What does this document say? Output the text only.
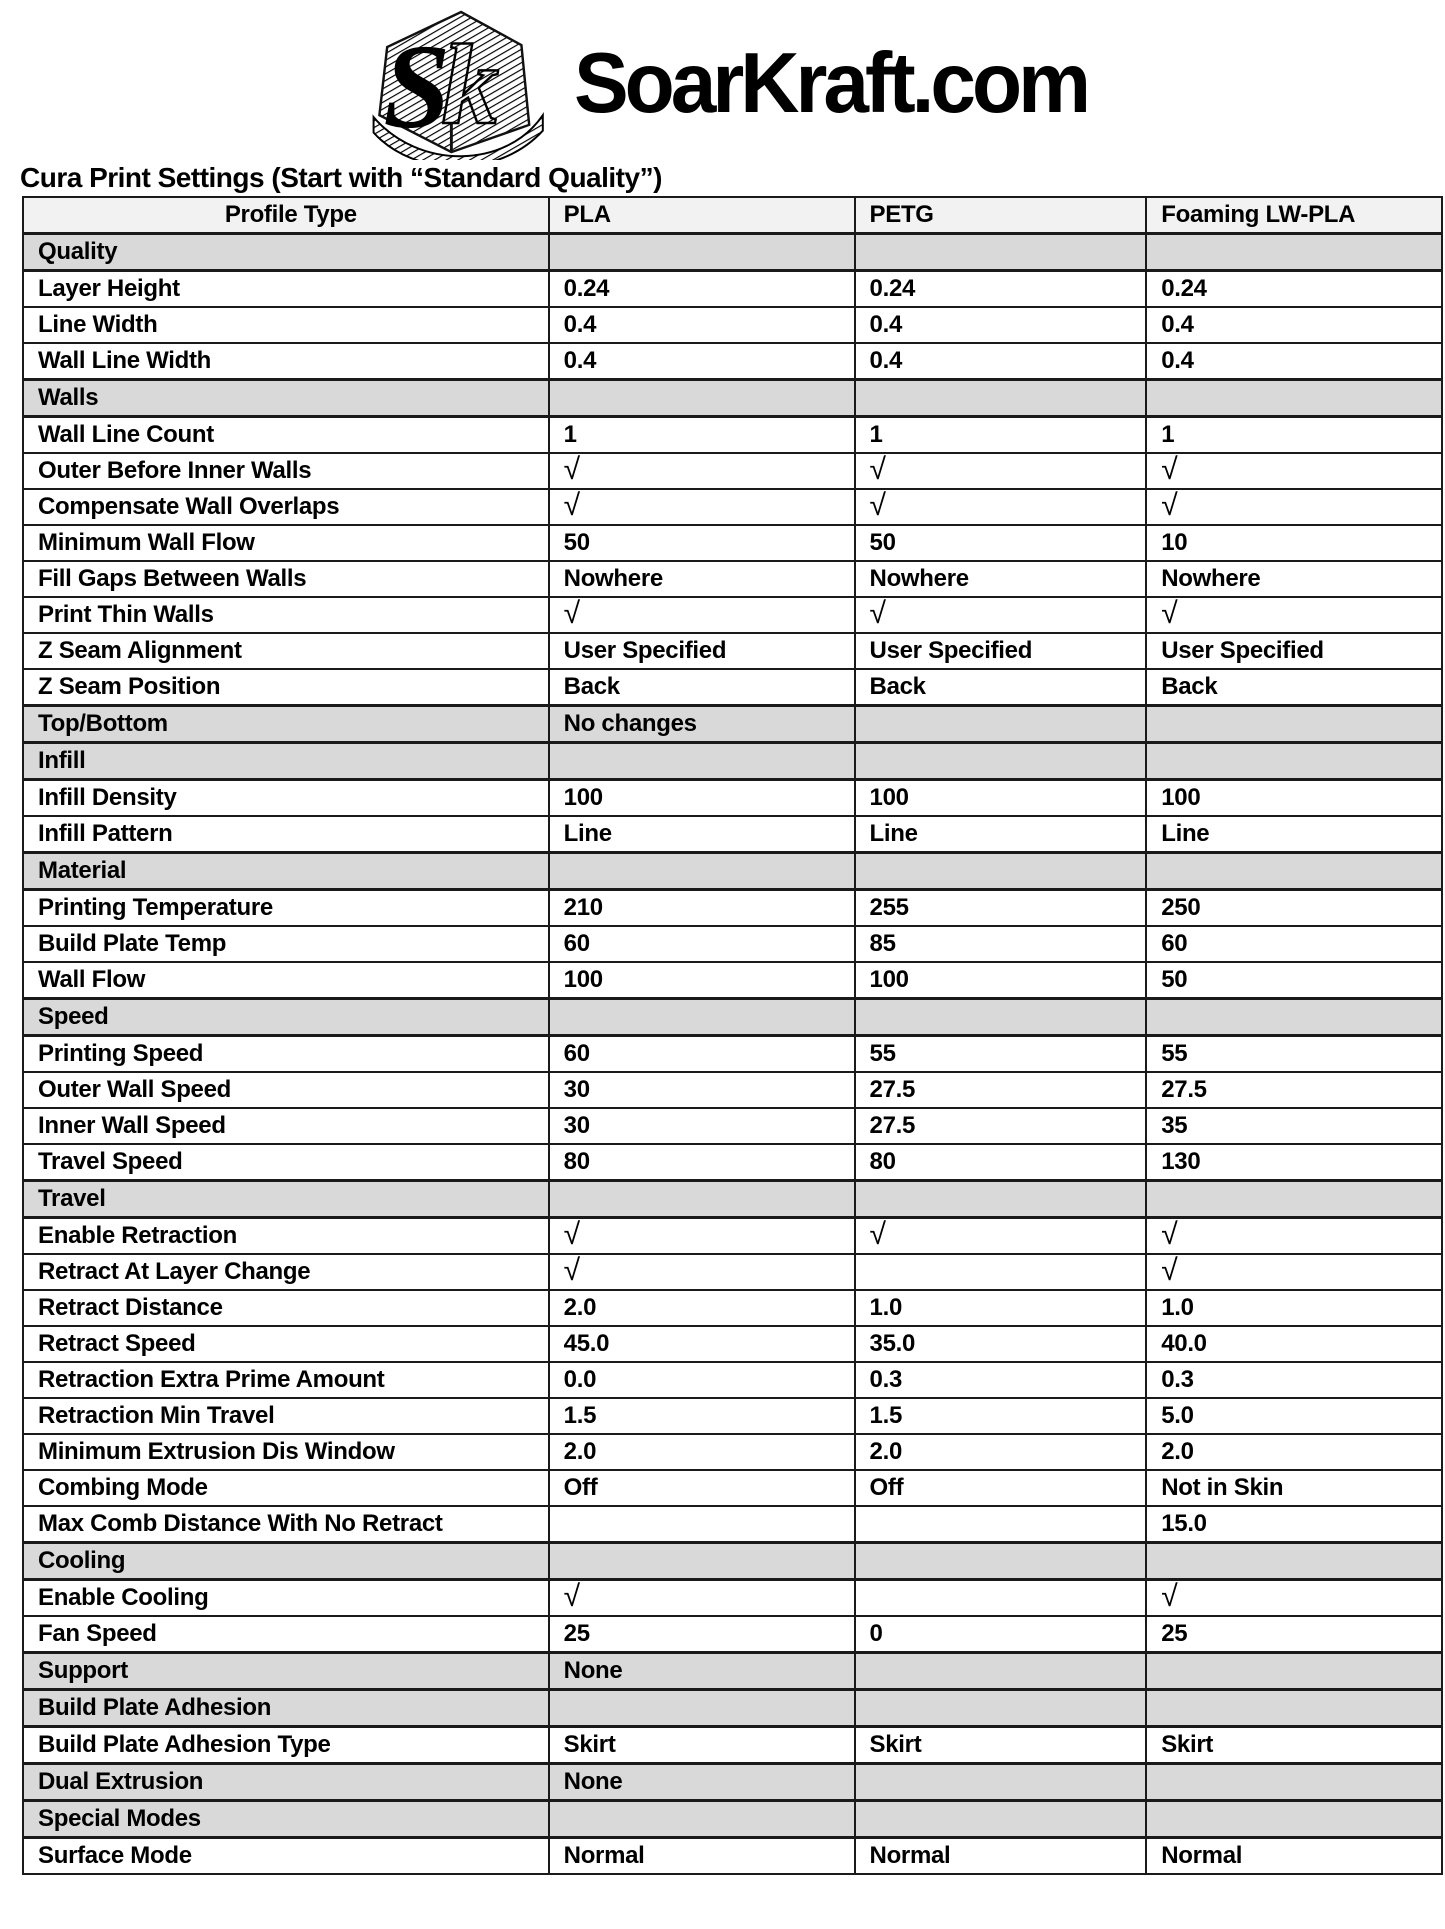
k
S SoarKraft.com
Cura Print Settings (Start with “Standard Quality”)
Profile Type	PLA	PETG	Foaming LW-PLA
Quality			
Layer Height	0.24	0.24	0.24
Line Width	0.4	0.4	0.4
Wall Line Width	0.4	0.4	0.4
Walls			
Wall Line Count	1	1	1
Outer Before Inner Walls	√	√	√
Compensate Wall Overlaps	√	√	√
Minimum Wall Flow	50	50	10
Fill Gaps Between Walls	Nowhere	Nowhere	Nowhere
Print Thin Walls	√	√	√
Z Seam Alignment	User Specified	User Specified	User Specified
Z Seam Position	Back	Back	Back
Top/Bottom	No changes		
Infill			
Infill Density	100	100	100
Infill Pattern	Line	Line	Line
Material			
Printing Temperature	210	255	250
Build Plate Temp	60	85	60
Wall Flow	100	100	50
Speed			
Printing Speed	60	55	55
Outer Wall Speed	30	27.5	27.5
Inner Wall Speed	30	27.5	35
Travel Speed	80	80	130
Travel			
Enable Retraction	√	√	√
Retract At Layer Change	√		√
Retract Distance	2.0	1.0	1.0
Retract Speed	45.0	35.0	40.0
Retraction Extra Prime Amount	0.0	0.3	0.3
Retraction Min Travel	1.5	1.5	5.0
Minimum Extrusion Dis Window	2.0	2.0	2.0
Combing Mode	Off	Off	Not in Skin
Max Comb Distance With No Retract			15.0
Cooling			
Enable Cooling	√		√
Fan Speed	25	0	25
Support	None		
Build Plate Adhesion			
Build Plate Adhesion Type	Skirt	Skirt	Skirt
Dual Extrusion	None		
Special Modes			
Surface Mode	Normal	Normal	Normal
